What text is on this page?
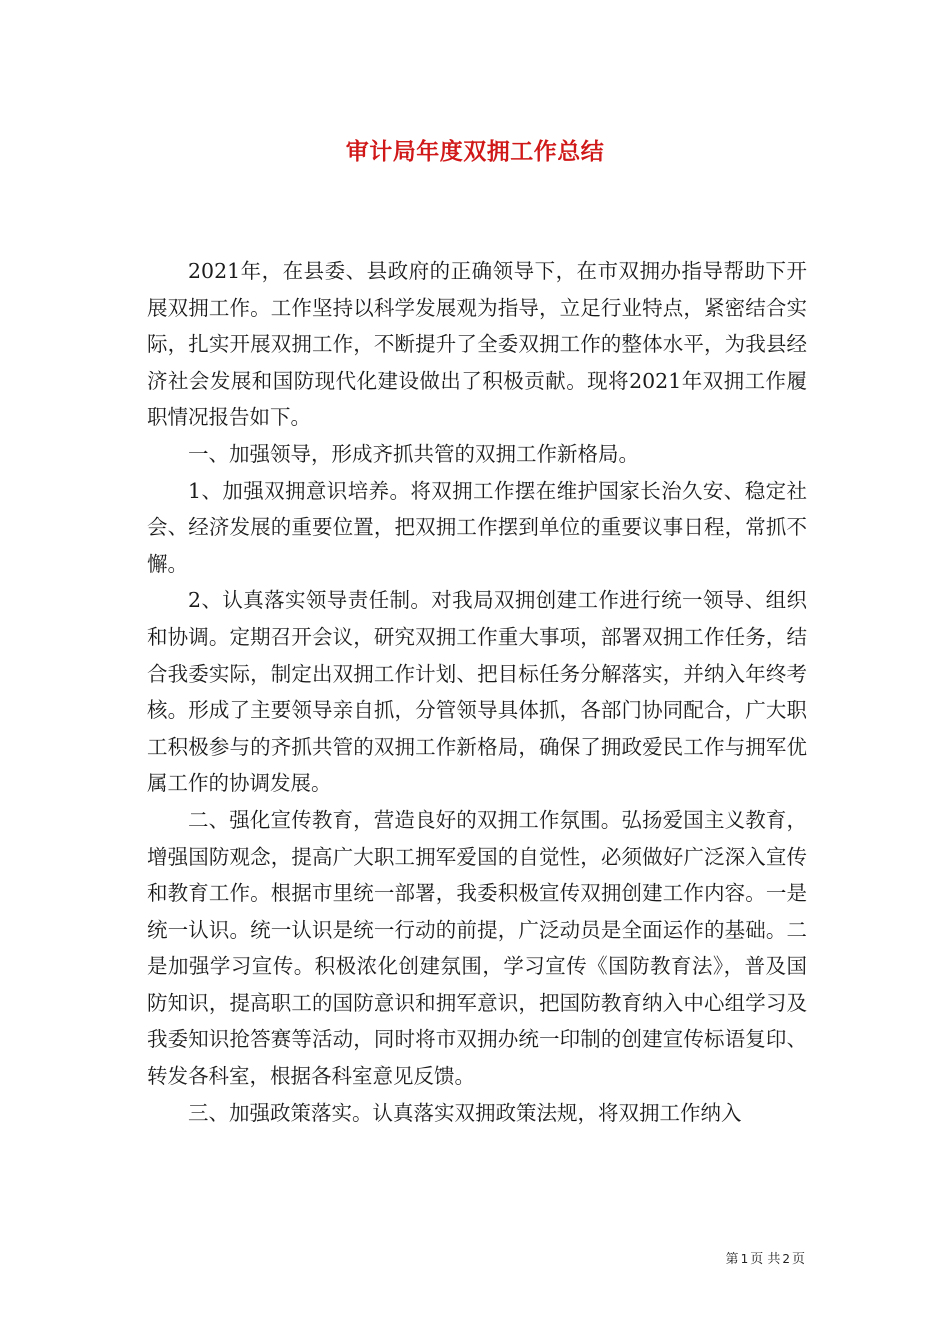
审计局年度双拥工作总结

2021年，在县委、县政府的正确领导下，在市双拥办指导帮助下开展双拥工作。工作坚持以科学发展观为指导，立足行业特点，紧密结合实际，扎实开展双拥工作，不断提升了全委双拥工作的整体水平，为我县经济社会发展和国防现代化建设做出了积极贡献。现将2021年双拥工作履职情况报告如下。

一、加强领导，形成齐抓共管的双拥工作新格局。

1、加强双拥意识培养。将双拥工作摆在维护国家长治久安、稳定社会、经济发展的重要位置，把双拥工作摆到单位的重要议事日程，常抓不懈。

2、认真落实领导责任制。对我局双拥创建工作进行统一领导、组织和协调。定期召开会议，研究双拥工作重大事项，部署双拥工作任务，结合我委实际，制定出双拥工作计划、把目标任务分解落实，并纳入年终考核。形成了主要领导亲自抓，分管领导具体抓，各部门协同配合，广大职工积极参与的齐抓共管的双拥工作新格局，确保了拥政爱民工作与拥军优属工作的协调发展。

二、强化宣传教育，营造良好的双拥工作氛围。弘扬爱国主义教育，增强国防观念，提高广大职工拥军爱国的自觉性，必须做好广泛深入宣传和教育工作。根据市里统一部署，我委积极宣传双拥创建工作内容。一是统一认识。统一认识是统一行动的前提，广泛动员是全面运作的基础。二是加强学习宣传。积极浓化创建氛围，学习宣传《国防教育法》，普及国防知识，提高职工的国防意识和拥军意识，把国防教育纳入中心组学习及我委知识抢答赛等活动，同时将市双拥办统一印制的创建宣传标语复印、转发各科室，根据各科室意见反馈。

三、加强政策落实。认真落实双拥政策法规，将双拥工作纳入

第 1 页 共 2 页
